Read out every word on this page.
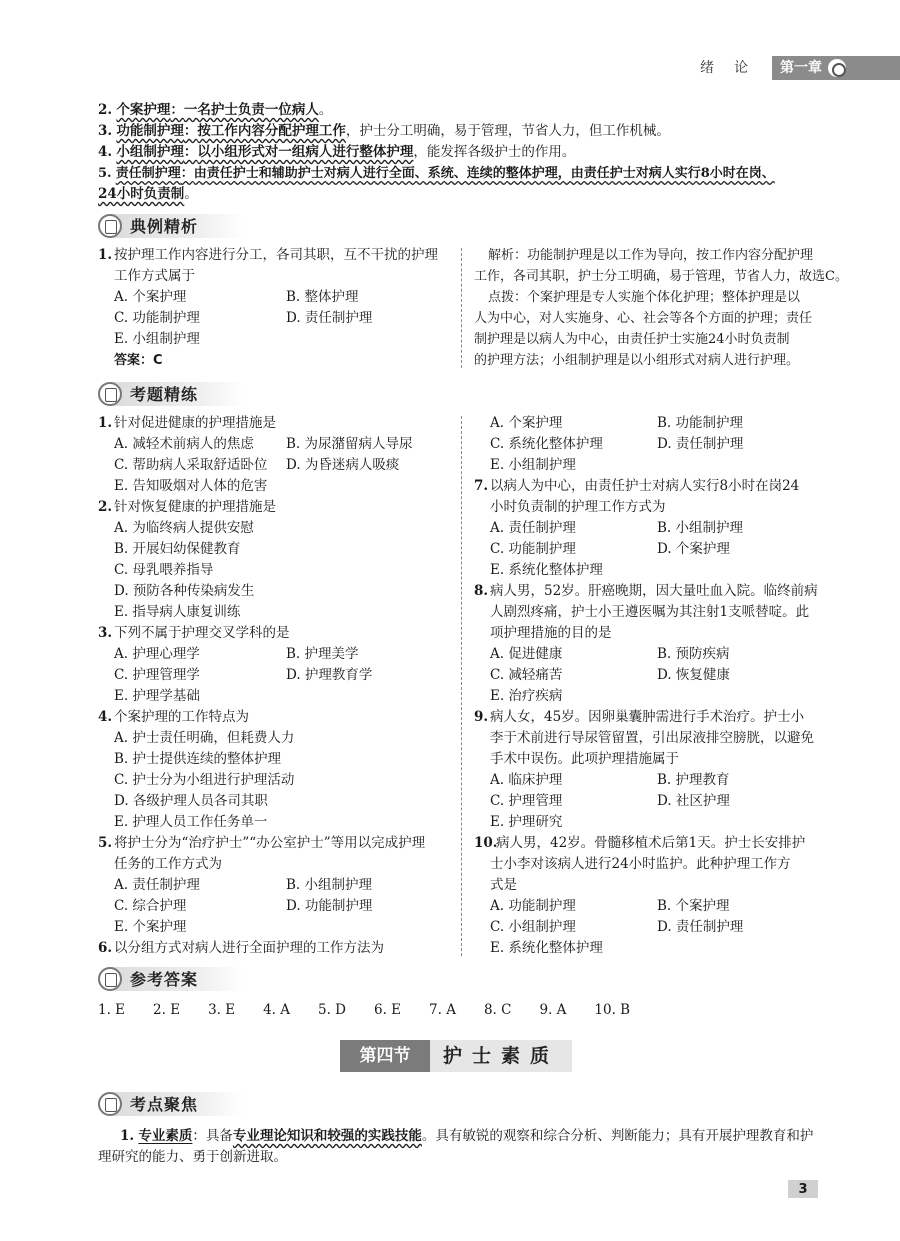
绪论 第一章
2. 个案护理：一名护士负责一位病人。
3. 功能制护理：按工作内容分配护理工作，护士分工明确，易于管理，节省人力，但工作机械。
4. 小组制护理：以小组形式对一组病人进行整体护理，能发挥各级护士的作用。
5. 责任制护理：由责任护士和辅助护士对病人进行全面、系统、连续的整体护理，由责任护士对病人实行8小时在岗、
24小时负责制。
典例精析
1. 按护理工作内容进行分工，各司其职，互不干扰的护理
工作方式属于
A. 个案护理	B. 整体护理
C. 功能制护理	D. 责任制护理
E. 小组制护理
答案：C
解析：功能制护理是以工作为导向，按工作内容分配护理
工作，各司其职，护士分工明确，易于管理，节省人力，故选C。
点拨：个案护理是专人实施个体化护理；整体护理是以
人为中心，对人实施身、心、社会等各个方面的护理；责任
制护理是以病人为中心，由责任护士实施24小时负责制
的护理方法；小组制护理是以小组形式对病人进行护理。
考题精练
1. 针对促进健康的护理措施是
A. 减轻术前病人的焦虑	B. 为尿潴留病人导尿
C. 帮助病人采取舒适卧位	D. 为昏迷病人吸痰
E. 告知吸烟对人体的危害
2. 针对恢复健康的护理措施是
A. 为临终病人提供安慰
B. 开展妇幼保健教育
C. 母乳喂养指导
D. 预防各种传染病发生
E. 指导病人康复训练
3. 下列不属于护理交叉学科的是
A. 护理心理学	B. 护理美学
C. 护理管理学	D. 护理教育学
E. 护理学基础
4. 个案护理的工作特点为
A. 护士责任明确，但耗费人力
B. 护士提供连续的整体护理
C. 护士分为小组进行护理活动
D. 各级护理人员各司其职
E. 护理人员工作任务单一
5. 将护士分为“治疗护士”“办公室护士”等用以完成护理
任务的工作方式为
A. 责任制护理	B. 小组制护理
C. 综合护理	D. 功能制护理
E. 个案护理
6. 以分组方式对病人进行全面护理的工作方法为
A. 个案护理	B. 功能制护理
C. 系统化整体护理	D. 责任制护理
E. 小组制护理
7. 以病人为中心，由责任护士对病人实行8小时在岗24
小时负责制的护理工作方式为
A. 责任制护理	B. 小组制护理
C. 功能制护理	D. 个案护理
E. 系统化整体护理
8. 病人男，52岁。肝癌晚期，因大量吐血入院。临终前病
人剧烈疼痛，护士小王遵医嘱为其注射1支哌替啶。此
项护理措施的目的是
A. 促进健康	B. 预防疾病
C. 减轻痛苦	D. 恢复健康
E. 治疗疾病
9. 病人女，45岁。因卵巢囊肿需进行手术治疗。护士小
李于术前进行导尿管留置，引出尿液排空膀胱，以避免
手术中误伤。此项护理措施属于
A. 临床护理	B. 护理教育
C. 护理管理	D. 社区护理
E. 护理研究
10.病人男，42岁。骨髓移植术后第1天。护士长安排护
士小李对该病人进行24小时监护。此种护理工作方
式是
A. 功能制护理	B. 个案护理
C. 小组制护理	D. 责任制护理
E. 系统化整体护理
参考答案
1. E 2. E 3. E 4. A 5. D 6. E 7. A 8. C 9. A 10. B
第四节	护士素质
考点聚焦
1. 专业素质：具备专业理论知识和较强的实践技能。具有敏锐的观察和综合分析、判断能力；具有开展护理教育和护
理研究的能力、勇于创新进取。
3
